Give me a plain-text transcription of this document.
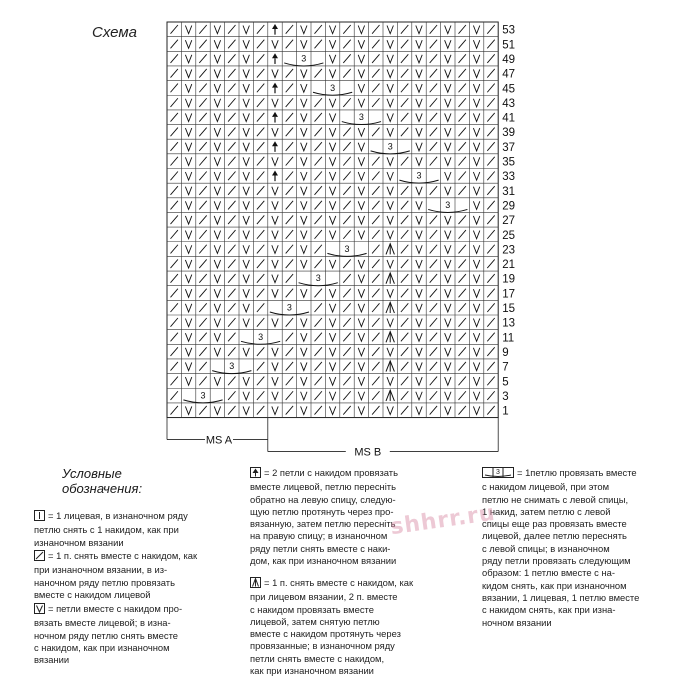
Схема
3
3
3
3
3
3
3
3
3
3
3
3
53
51
49
47
45
43
41
39
37
35
33
31
29
27
25
23
21
19
17
15
13
11
9
7
5
3
1
MS A
MS B
Условные
обозначения:
= 1 лицевая, в изнаночном ряду
петлю снять с 1 накидом, как при
изнаночном вязании
= 1 п. снять вместе с накидом, как
при изнаночном вязании, в из-
наночном ряду петлю провязать
вместе с накидом лицевой
= петли вместе с накидом про-
вязать вместе лицевой; в изна-
ночном ряду петлю снять вместе
с накидом, как при изнаночном
вязании
= 2 петли с накидом провязать
вместе лицевой, петлю пересніть
обратно на левую спицу, следую-
щую петлю протянуть через про-
вязанную, затем петлю пересніть
на правую спицу; в изнаночном
ряду петли снять вместе с нaки-
дом, как при изнаночном вязании
= 1 п. снять вместе с накидом, как
при лицевом вязании, 2 п. вместе
с накидом провязать вместе
лицевой, затем снятую петлю
вместе с накидом протянуть через
провязанные; в изнаночном ряду
петли снять вместе с накидом,
как при изнаночном вязании
3 = 1петлю провязать вместе
с накидом лицевой, при этом
петлю не снимать с левой спицы,
1 накид, затем петлю с левой
спицы еще раз провязать вместе
лицевой, далее петлю переснять
с левой спицы; в изнаночном
ряду петли провязать следующим
образом: 1 петлю вместе с на-
кидом снять, как при изнаночном
вязании, 1 лицевая, 1 петлю вместе
с накидом снять, как при изна-
ночном вязании
shhrr.ru
